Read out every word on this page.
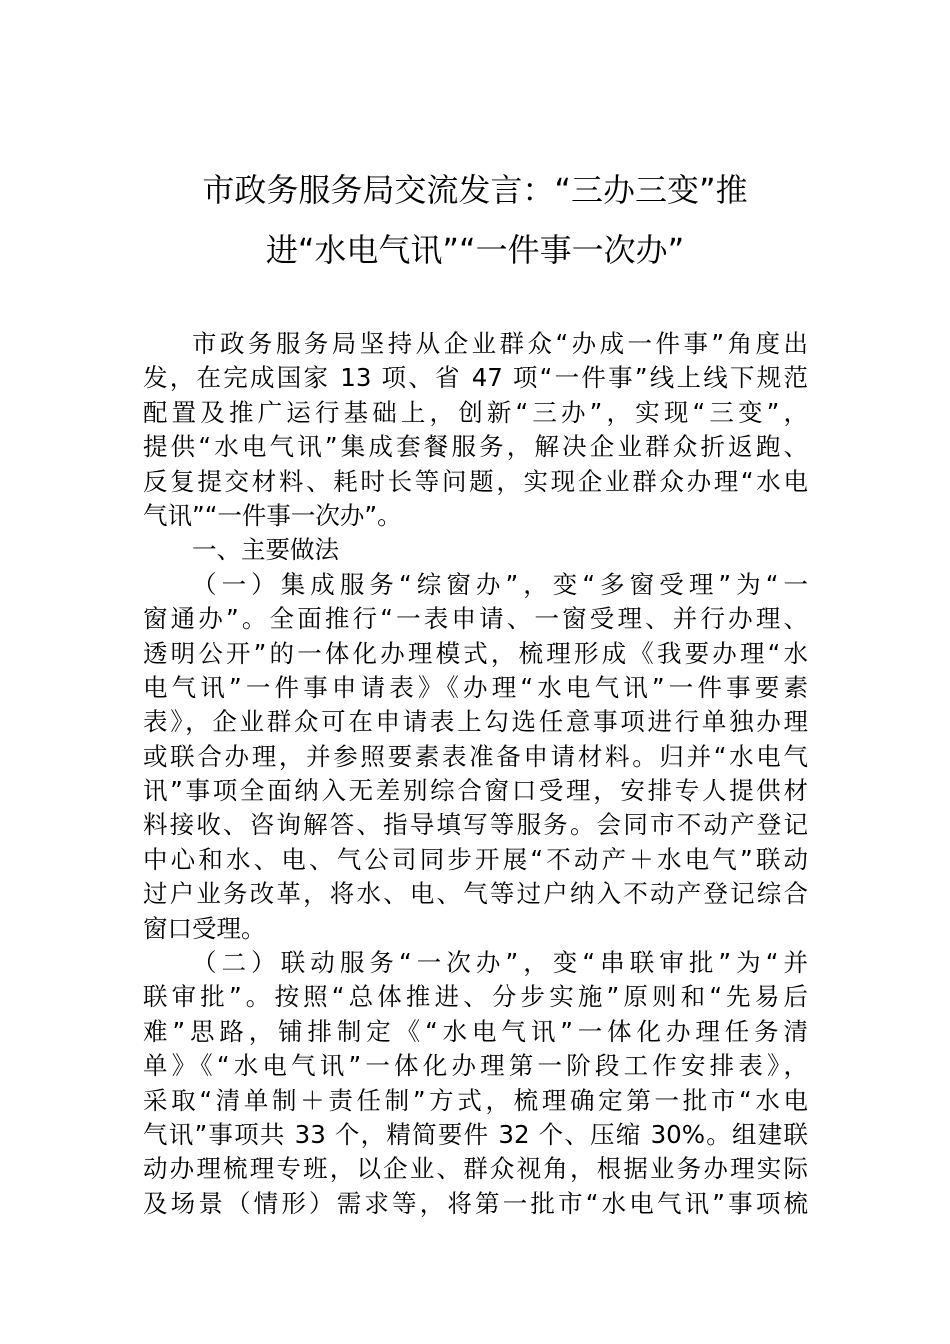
市政务服务局交流发言：“三办三变”推
进“水电气讯”“一件事一次办”
市政务服务局坚持从企业群众“办成一件事”角度出
发，在完成国家 13 项、省 47 项“一件事”线上线下规范
配置及推广运行基础上，创新“三办”，实现“三变”，
提供“水电气讯”集成套餐服务，解决企业群众折返跑、
反复提交材料、耗时长等问题，实现企业群众办理“水电
气讯”“一件事一次办”。
一、主要做法
（一）集成服务“综窗办”，变“多窗受理”为“一
窗通办”。全面推行“一表申请、一窗受理、并行办理、
透明公开”的一体化办理模式，梳理形成《我要办理“水
电气讯”一件事申请表》《办理“水电气讯”一件事要素
表》，企业群众可在申请表上勾选任意事项进行单独办理
或联合办理，并参照要素表准备申请材料。归并“水电气
讯”事项全面纳入无差别综合窗口受理，安排专人提供材
料接收、咨询解答、指导填写等服务。会同市不动产登记
中心和水、电、气公司同步开展“不动产＋水电气”联动
过户业务改革，将水、电、气等过户纳入不动产登记综合
窗口受理。
（二）联动服务“一次办”，变“串联审批”为“并
联审批”。按照“总体推进、分步实施”原则和“先易后
难”思路，铺排制定《“水电气讯”一体化办理任务清
单》《“水电气讯”一体化办理第一阶段工作安排表》，
采取“清单制＋责任制”方式，梳理确定第一批市“水电
气讯”事项共 33 个，精简要件 32 个、压缩 30%。组建联
动办理梳理专班，以企业、群众视角，根据业务办理实际
及场景（情形）需求等，将第一批市“水电气讯”事项梳
